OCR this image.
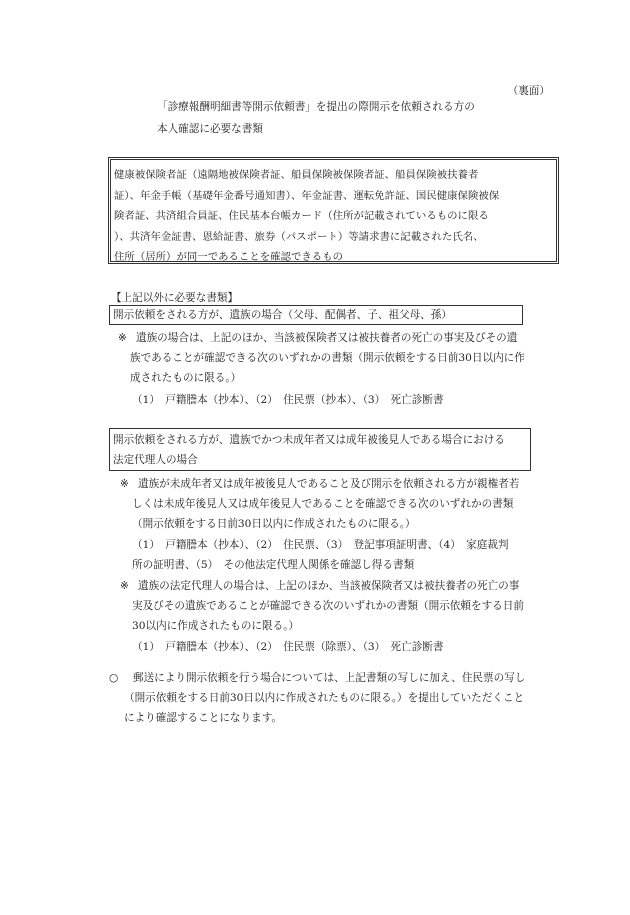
（裏面）
「診療報酬明細書等開示依頼書」を提出の際開示を依頼される方の
本人確認に必要な書類
健康被保険者証（遠隔地被保険者証、船員保険被保険者証、船員保険被扶養者
証）、年金手帳（基礎年金番号通知書）、年金証書、運転免許証、国民健康保険被保
険者証、共済組合員証、住民基本台帳カード（住所が記載されているものに限る
）、共済年金証書、恩給証書、旅券（パスポート）等請求書に記載された氏名、
住所（居所）が同一であることを確認できるもの
【上記以外に必要な書類】
開示依頼をされる方が、遺族の場合（父母、配偶者、子、祖父母、孫）
※ 遺族の場合は、上記のほか、当該被保険者又は被扶養者の死亡の事実及びその遺
族であることが確認できる次のいずれかの書類（開示依頼をする日前30日以内に作
成されたものに限る。）
（1）　戸籍謄本（抄本）、（2）　住民票（抄本）、（3）　死亡診断書
開示依頼をされる方が、遺族でかつ未成年者又は成年被後見人である場合における
法定代理人の場合
※ 遺族が未成年者又は成年被後見人であること及び開示を依頼される方が親権者若
しくは未成年後見人又は成年後見人であることを確認できる次のいずれかの書類
（開示依頼をする日前30日以内に作成されたものに限る。）
（1）　戸籍謄本（抄本）、（2）　住民票、（3）　登記事項証明書、（4）　家庭裁判
所の証明書、（5）　その他法定代理人関係を確認し得る書類
※ 遺族の法定代理人の場合は、上記のほか、当該被保険者又は被扶養者の死亡の事
実及びその遺族であることが確認できる次のいずれかの書類（開示依頼をする日前
30以内に作成されたものに限る。）
（1）　戸籍謄本（抄本）、（2）　住民票（除票）、（3）　死亡診断書
○ 郵送により開示依頼を行う場合については、上記書類の写しに加え、住民票の写し
（開示依頼をする日前30日以内に作成されたものに限る。）を提出していただくこと
により確認することになります。
